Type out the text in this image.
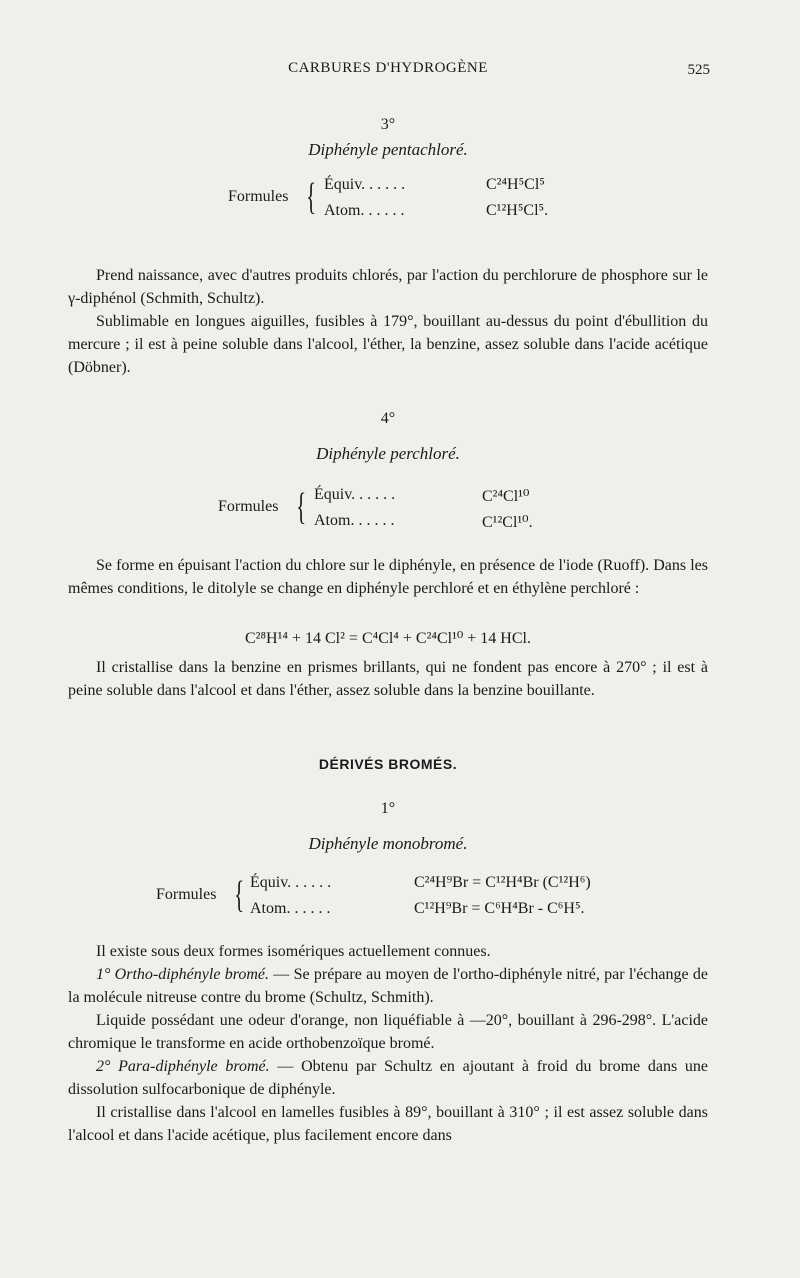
CARBURES D'HYDROGÈNE	525
3°
Diphényle pentachloré.
Formules { Équiv. . . . . .	C²⁴H⁵Cl⁵
Atom. . . . . .	C¹²H⁵Cl⁵.

Prend naissance, avec d'autres produits chlorés, par l'action du perchlorure de phosphore sur le γ-diphénol (Schmith, Schultz).

Sublimable en longues aiguilles, fusibles à 179°, bouillant au-dessus du point d'ébullition du mercure ; il est à peine soluble dans l'alcool, l'éther, la benzine, assez soluble dans l'acide acétique (Döbner).

4°
Diphényle perchloré.
Formules { Équiv. . . . . .	C²⁴Cl¹⁰
Atom. . . . . .	C¹²Cl¹⁰.

Se forme en épuisant l'action du chlore sur le diphényle, en présence de l'iode (Ruoff). Dans les mêmes conditions, le ditolyle se change en diphényle perchloré et en éthylène perchloré :

C²⁸H¹⁴ + 14 Cl² = C⁴Cl⁴ + C²⁴Cl¹⁰ + 14 HCl.

Il cristallise dans la benzine en prismes brillants, qui ne fondent pas encore à 270° ; il est à peine soluble dans l'alcool et dans l'éther, assez soluble dans la benzine bouillante.

DÉRIVÉS BROMÉS.
1°
Diphényle monobromé.
Formules { Équiv. . . . . .	C²⁴H⁹Br = C¹²H⁴Br (C¹²H⁶)
Atom. . . . . .	C¹²H⁹Br = C⁶H⁴Br - C⁶H⁵.

Il existe sous deux formes isomériques actuellement connues.

1° Ortho-diphényle bromé. — Se prépare au moyen de l'ortho-diphényle nitré, par l'échange de la molécule nitreuse contre du brome (Schultz, Schmith).

Liquide possédant une odeur d'orange, non liquéfiable à —20°, bouillant à 296-298°. L'acide chromique le transforme en acide orthobenzoïque bromé.

2° Para-diphényle bromé. — Obtenu par Schultz en ajoutant à froid du brome dans une dissolution sulfocarbonique de diphényle.

Il cristallise dans l'alcool en lamelles fusibles à 89°, bouillant à 310° ; il est assez soluble dans l'alcool et dans l'acide acétique, plus facilement encore dans
